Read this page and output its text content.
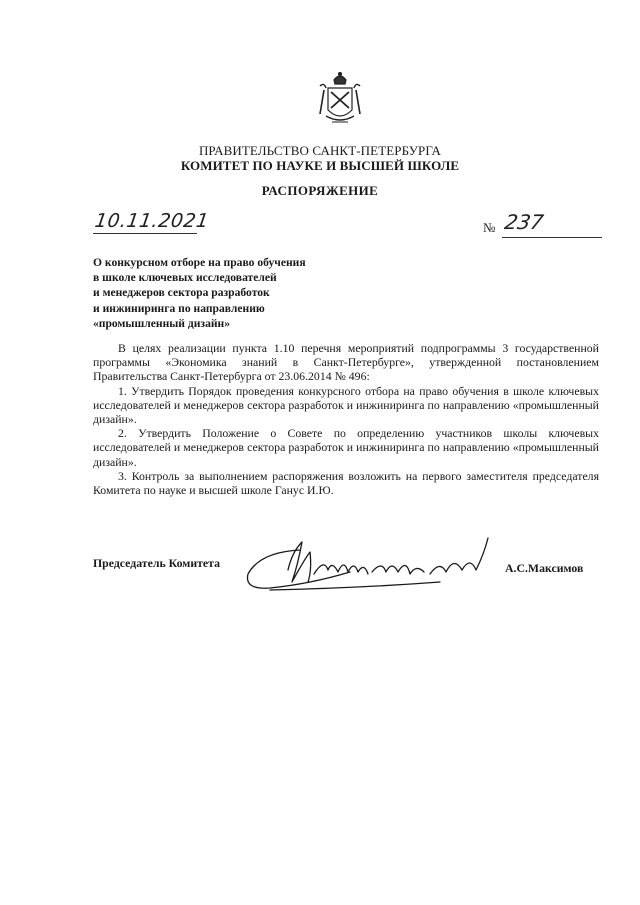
ПРАВИТЕЛЬСТВО САНКТ-ПЕТЕРБУРГА
КОМИТЕТ ПО НАУКЕ И ВЫСШЕЙ ШКОЛЕ
РАСПОРЯЖЕНИЕ
10.11.2021	№ 237
О конкурсном отборе на право обучения
в школе ключевых исследователей
и менеджеров сектора разработок
и инжиниринга по направлению
«промышленный дизайн»

В целях реализации пункта 1.10 перечня мероприятий подпрограммы 3 государственной программы «Экономика знаний в Санкт-Петербурге», утвержденной постановлением Правительства Санкт-Петербурга от 23.06.2014 № 496:

1. Утвердить Порядок проведения конкурсного отбора на право обучения в школе ключевых исследователей и менеджеров сектора разработок и инжиниринга по направлению «промышленный дизайн».

2. Утвердить Положение о Совете по определению участников школы ключевых исследователей и менеджеров сектора разработок и инжиниринга по направлению «промышленный дизайн».

3. Контроль за выполнением распоряжения возложить на первого заместителя председателя Комитета по науке и высшей школе Ганус И.Ю.

Председатель Комитета	А.С.Максимов
